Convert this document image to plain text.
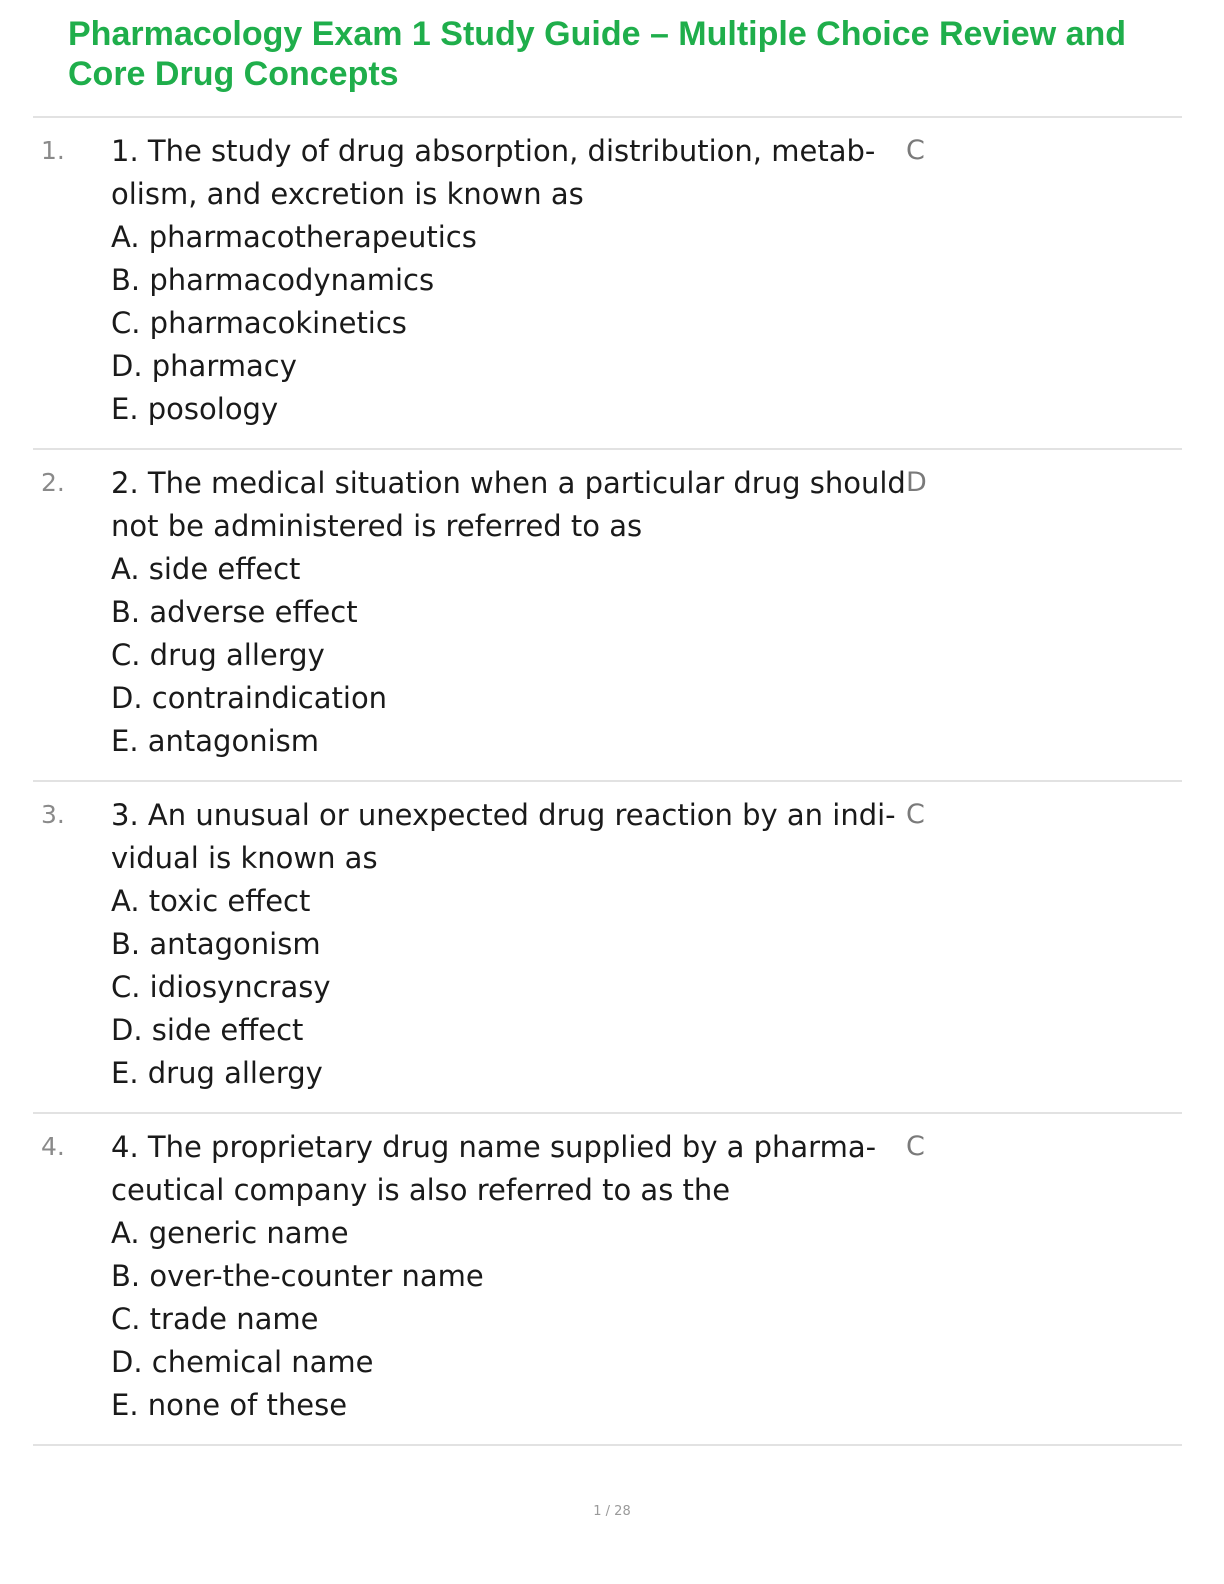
Pharmacology Exam 1 Study Guide – Multiple Choice Review and Core Drug Concepts
1. 1. The study of drug absorption, distribution, metab-
olism, and excretion is known as
A. pharmacotherapeutics
B. pharmacodynamics
C. pharmacokinetics
D. pharmacy
E. posology
C
2. 2. The medical situation when a particular drug should
not be administered is referred to as
A. side effect
B. adverse effect
C. drug allergy
D. contraindication
E. antagonism
D
3. 3. An unusual or unexpected drug reaction by an indi-
vidual is known as
A. toxic effect
B. antagonism
C. idiosyncrasy
D. side effect
E. drug allergy
C
4. 4. The proprietary drug name supplied by a pharma-
ceutical company is also referred to as the
A. generic name
B. over-the-counter name
C. trade name
D. chemical name
E. none of these
C
1 / 28
